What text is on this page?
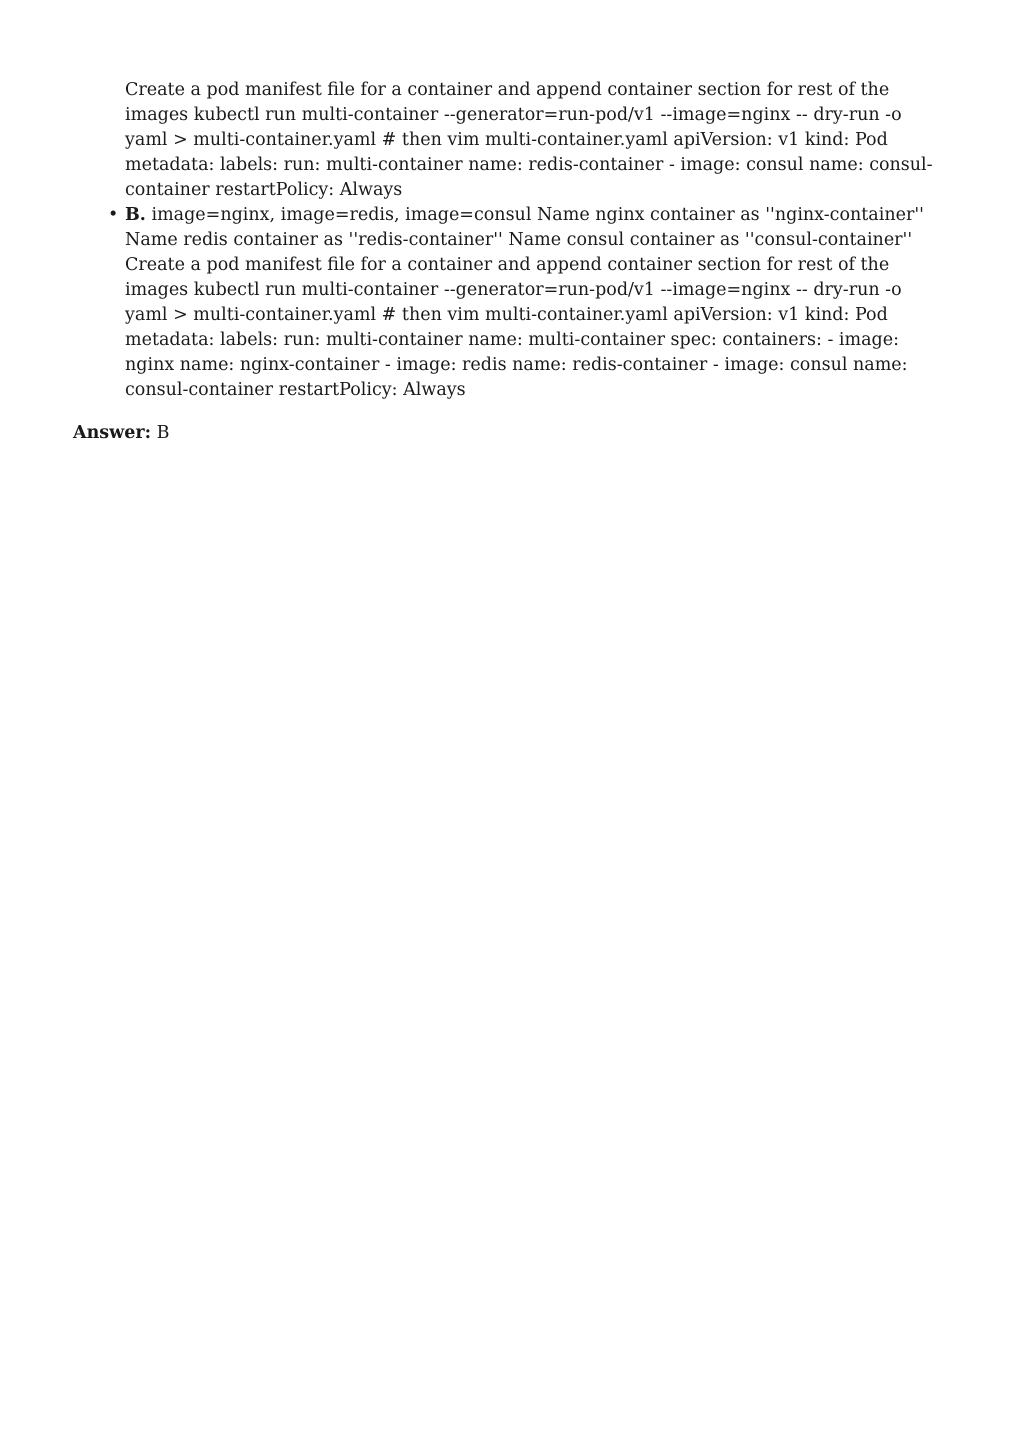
Create a pod manifest file for a container and append container section for rest of the images kubectl run multi-container --generator=run-pod/v1 --image=nginx -- dry-run -o yaml > multi-container.yaml # then vim multi-container.yaml apiVersion: v1 kind: Pod metadata: labels: run: multi-container name: redis-container - image: consul name: consul-container restartPolicy: Always

• B. image=nginx, image=redis, image=consul Name nginx container as ''nginx-container'' Name redis container as ''redis-container'' Name consul container as ''consul-container'' Create a pod manifest file for a container and append container section for rest of the images kubectl run multi-container --generator=run-pod/v1 --image=nginx -- dry-run -o yaml > multi-container.yaml # then vim multi-container.yaml apiVersion: v1 kind: Pod metadata: labels: run: multi-container name: multi-container spec: containers: - image: nginx name: nginx-container - image: redis name: redis-container - image: consul name: consul-container restartPolicy: Always

Answer: B
